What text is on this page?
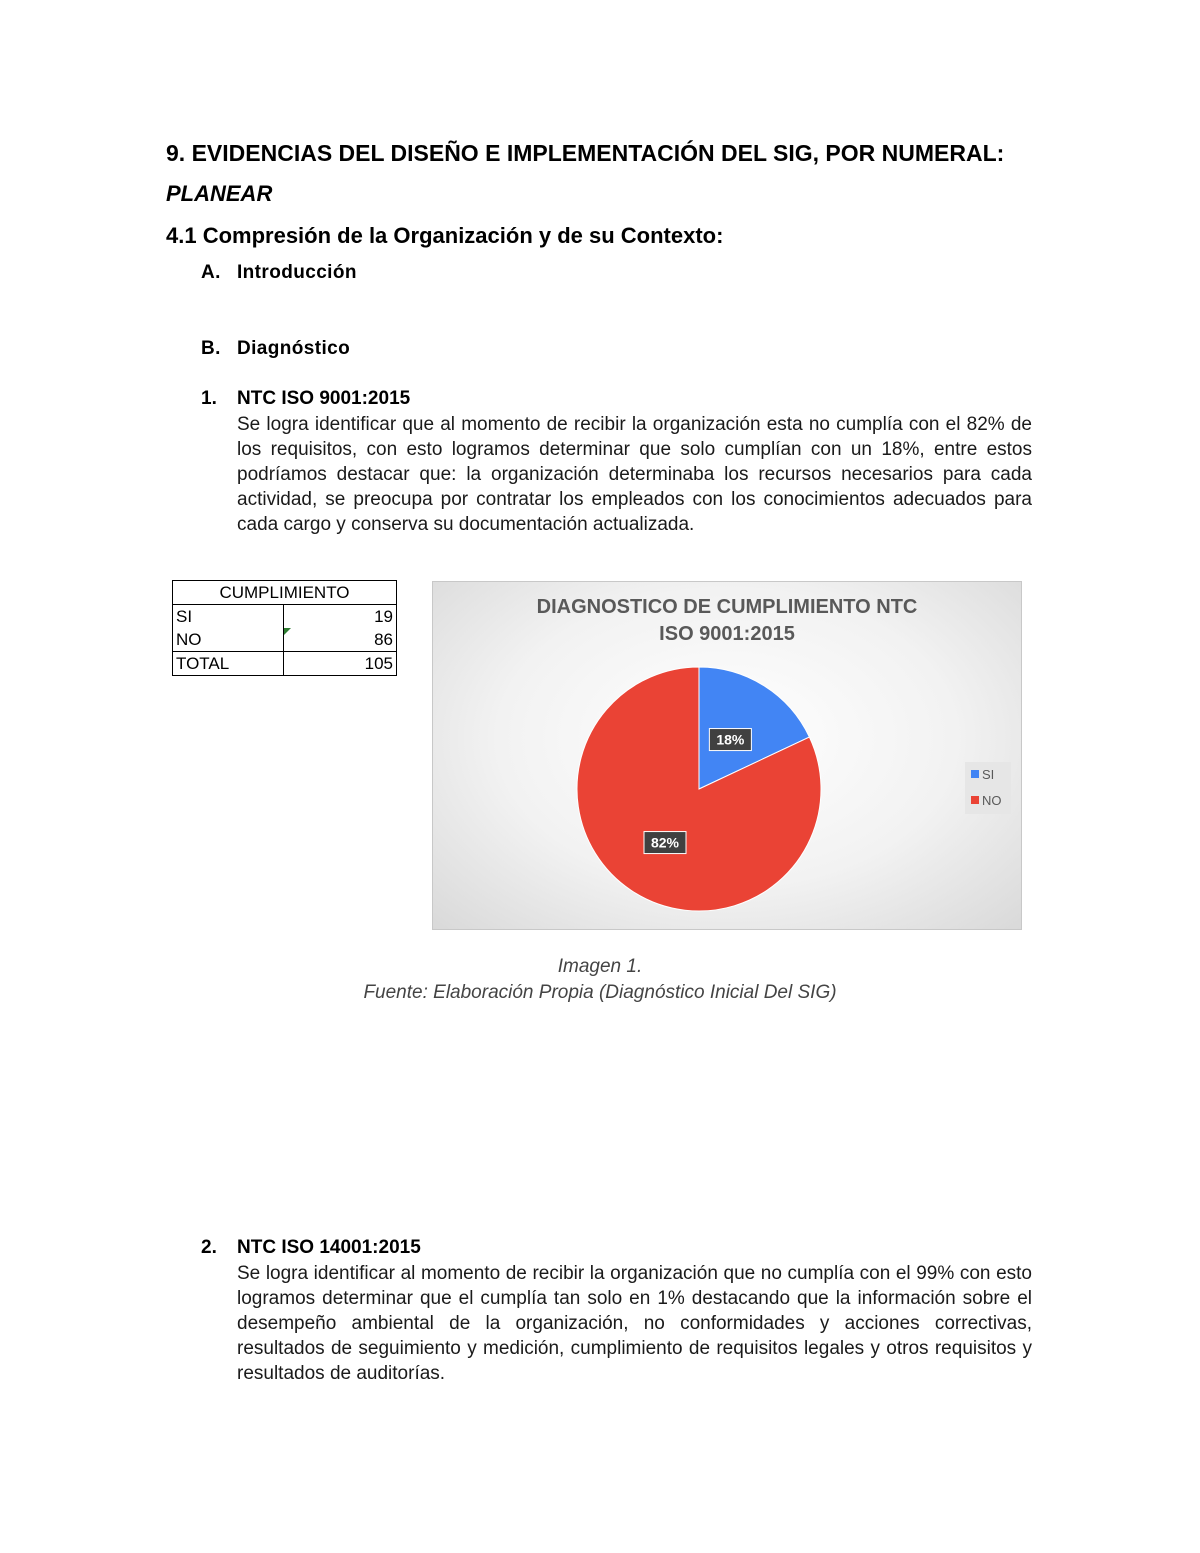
9. EVIDENCIAS DEL DISEÑO E IMPLEMENTACIÓN DEL SIG, POR NUMERAL:
PLANEAR
4.1 Compresión de la Organización y de su Contexto:
A. Introducción
B. Diagnóstico
1. NTC ISO 9001:2015
Se logra identificar que al momento de recibir la organización esta no cumplía con el 82% de los requisitos, con esto logramos determinar que solo cumplían con un 18%, entre estos podríamos destacar que: la organización determinaba los recursos necesarios para cada actividad, se preocupa por contratar los empleados con los conocimientos adecuados para cada cargo y conserva su documentación actualizada.
CUMPLIMIENTO	
SI	19
NO	86
TOTAL	105
DIAGNOSTICO DE CUMPLIMIENTO NTC
ISO 9001:2015
18%
82%
SI
NO
Imagen 1.
Fuente: Elaboración Propia (Diagnóstico Inicial Del SIG)
2. NTC ISO 14001:2015
Se logra identificar al momento de recibir la organización que no cumplía con el 99% con esto logramos determinar que el cumplía tan solo en 1% destacando que la información sobre el desempeño ambiental de la organización, no conformidades y acciones correctivas, resultados de seguimiento y medición, cumplimiento de requisitos legales y otros requisitos y resultados de auditorías.
